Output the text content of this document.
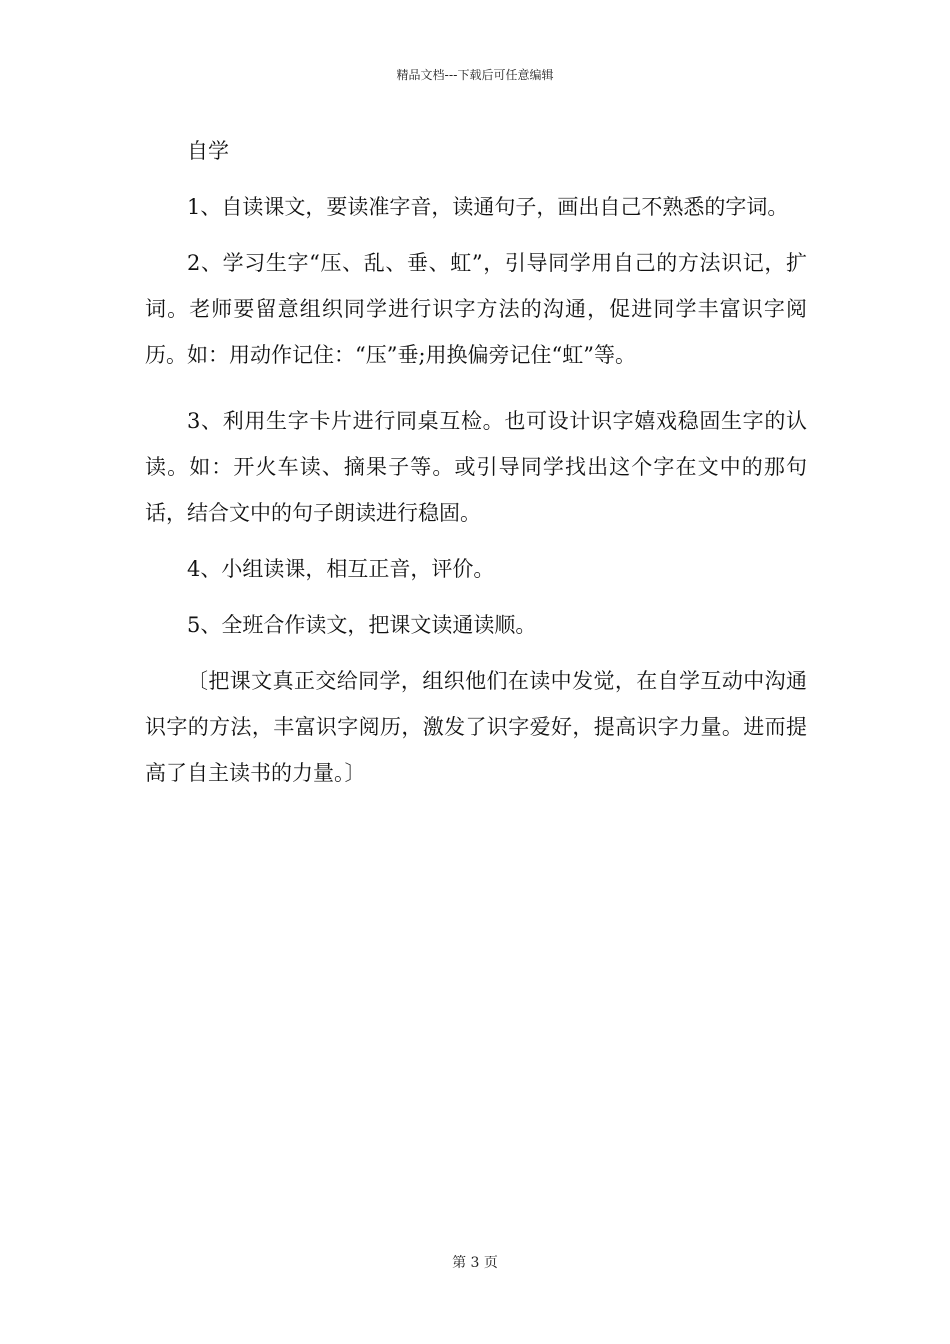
精品文档---下载后可任意编辑

自学

1、自读课文，要读准字音，读通句子，画出自己不熟悉的字词。

2、学习生字“压、乱、垂、虹”，引导同学用自己的方法识记，扩词。老师要留意组织同学进行识字方法的沟通，促进同学丰富识字阅历。如：用动作记住：“压”垂;用换偏旁记住“虹”等。

3、利用生字卡片进行同桌互检。也可设计识字嬉戏稳固生字的认读。如：开火车读、摘果子等。或引导同学找出这个字在文中的那句话，结合文中的句子朗读进行稳固。

4、小组读课，相互正音，评价。

5、全班合作读文，把课文读通读顺。

〔把课文真正交给同学，组织他们在读中发觉，在自学互动中沟通识字的方法，丰富识字阅历，激发了识字爱好，提高识字力量。进而提高了自主读书的力量。〕

第 3 页
